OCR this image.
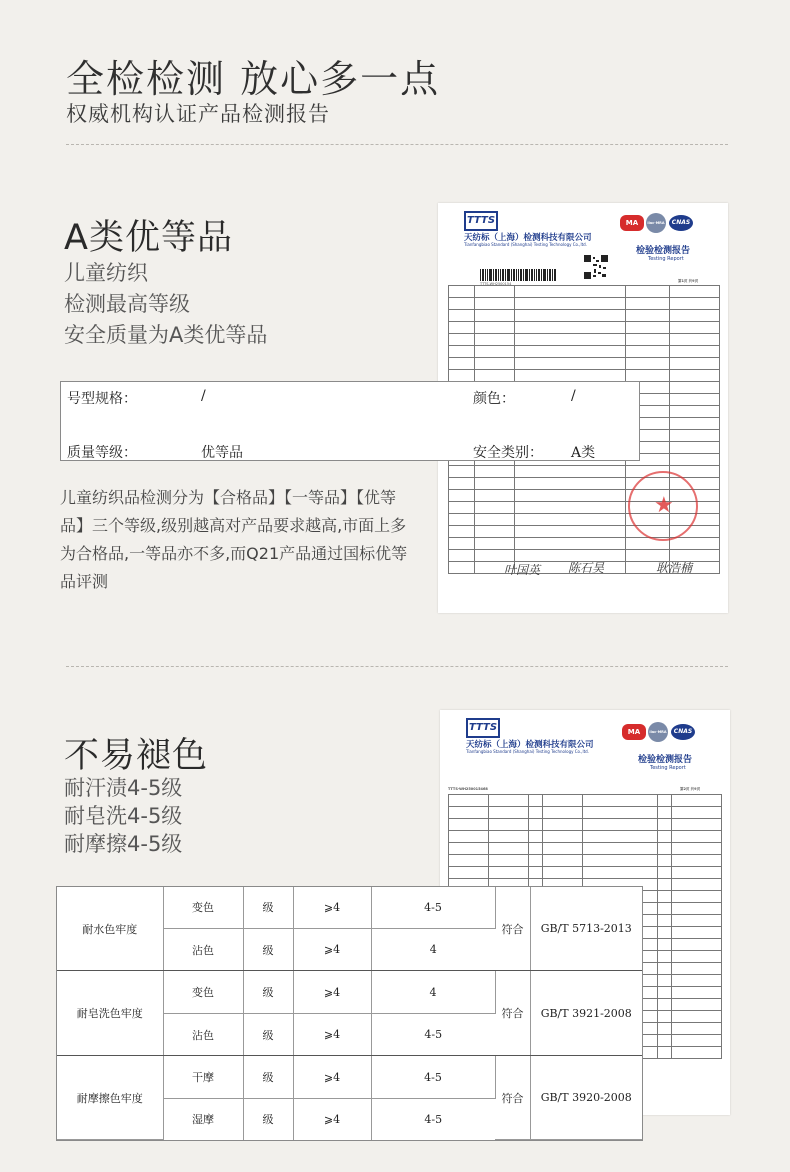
全检检测 放心多一点
权威机构认证产品检测报告
A类优等品
儿童纺织
检测最高等级
安全质量为A类优等品
TTTS
天纺标（上海）检测科技有限公司
Tianfangbiao Standard (Shanghai) Testing Technology Co.,ltd.
MA	ilac-MRA	CNAS
检验检测报告
Testing Report
TTTS-WH2500154
第1页 共9页

★
叶国英 陈石昊	耿浩楠
号型规格：	/	颜色：	/
质量等级：	优等品	安全类别： A类
儿童纺织品检测分为【合格品】【一等品】【优等品】三个等级,级别越高对产品要求越高,市面上多为合格品,一等品亦不多,而Q21产品通过国标优等品评测
不易褪色
耐汗渍4-5级
耐皂洗4-5级
耐摩擦4-5级
TTTS
天纺标（上海）检测科技有限公司
Tianfangbiao Standard (Shanghai) Testing Technology Co.,ltd.
MA	ilac-MRA	CNAS
检验检测报告
Testing Report
TTTS-WH250015468	第2页 共9页

耐水色牢度	变色	级	⩾4	4-5	符合	GB/T 5713-2013
	沾色	级	⩾4	4		
耐皂洗色牢度	变色	级	⩾4	4	符合	GB/T 3921-2008
	沾色	级	⩾4	4-5		
耐摩擦色牢度	干摩	级	⩾4	4-5	符合	GB/T 3920-2008
	湿摩	级	⩾4	4-5		
